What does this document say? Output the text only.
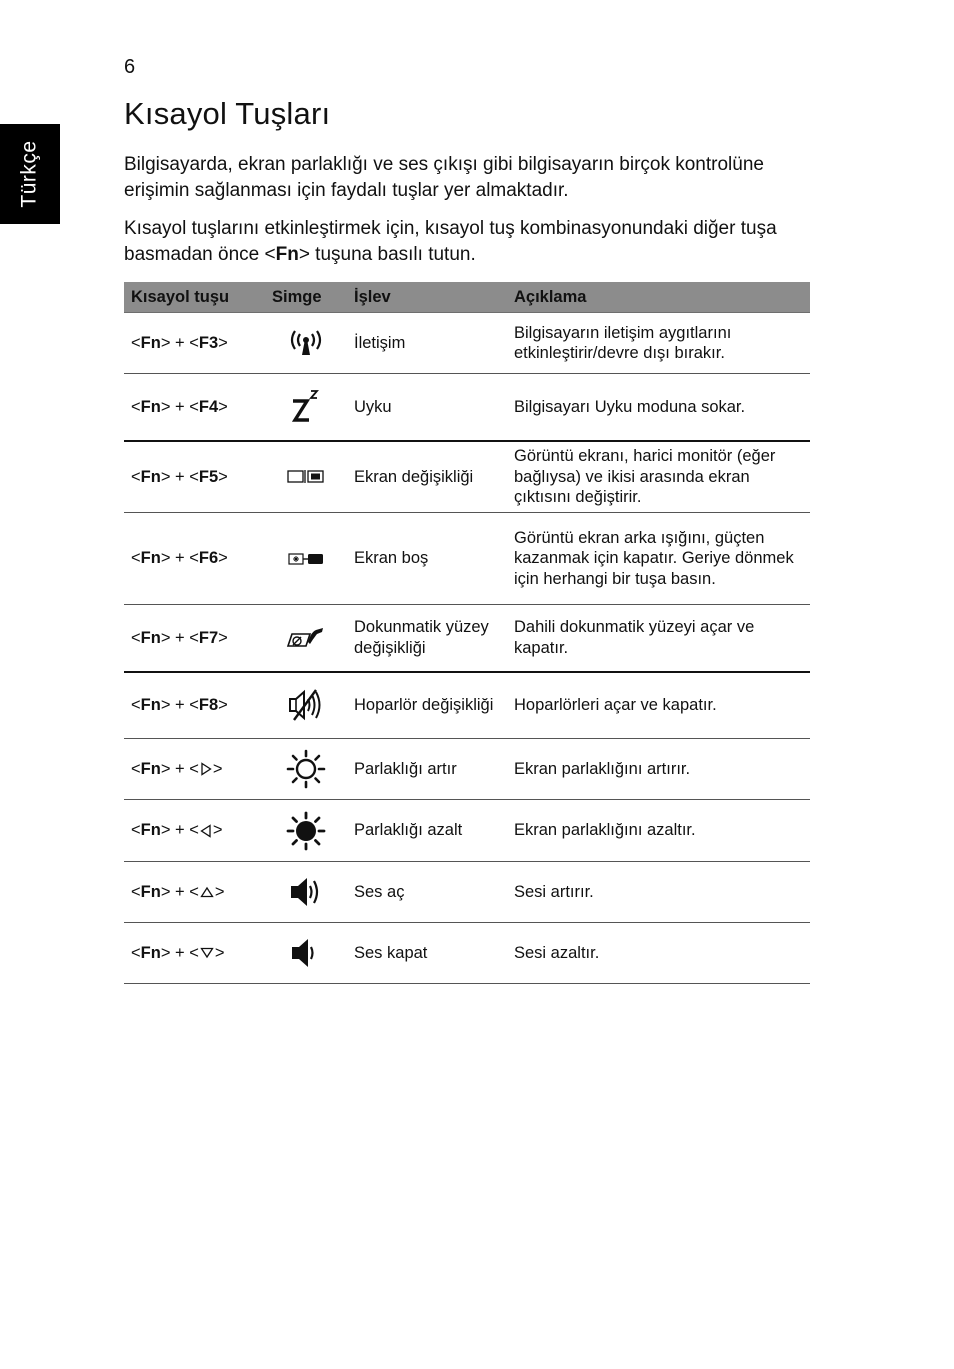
6
Türkçe
Kısayol Tuşları

Bilgisayarda, ekran parlaklığı ve ses çıkışı gibi bilgisayarın birçok kontrolüne erişimin sağlanması için faydalı tuşlar yer almaktadır.

Kısayol tuşlarını etkinleştirmek için, kısayol tuş kombinasyonundaki diğer tuşa basmadan önce <Fn> tuşuna basılı tutun.

Kısayol tuşu	Simge	İşlev	Açıklama
<Fn> + <F3>		İletişim	Bilgisayarın iletişim aygıtlarını etkinleştirir/devre dışı bırakır.
<Fn> + <F4>		Uyku	Bilgisayarı Uyku moduna sokar.
<Fn> + <F5>		Ekran değişikliği	Görüntü ekranı, harici monitör (eğer bağlıysa) ve ikisi arasında ekran çıktısını değiştirir.
<Fn> + <F6>		Ekran boş	Görüntü ekran arka ışığını, güçten kazanmak için kapatır. Geriye dönmek için herhangi bir tuşa basın.
<Fn> + <F7>		Dokunmatik yüzey değişikliği	Dahili dokunmatik yüzeyi açar ve kapatır.
<Fn> + <F8>		Hoparlör değişikliği	Hoparlörleri açar ve kapatır.
<Fn> + < >		Parlaklığı artır	Ekran parlaklığını artırır.
<Fn> + < >		Parlaklığı azalt	Ekran parlaklığını azaltır.
<Fn> + < >		Ses aç	Sesi artırır.
<Fn> + < >		Ses kapat	Sesi azaltır.
